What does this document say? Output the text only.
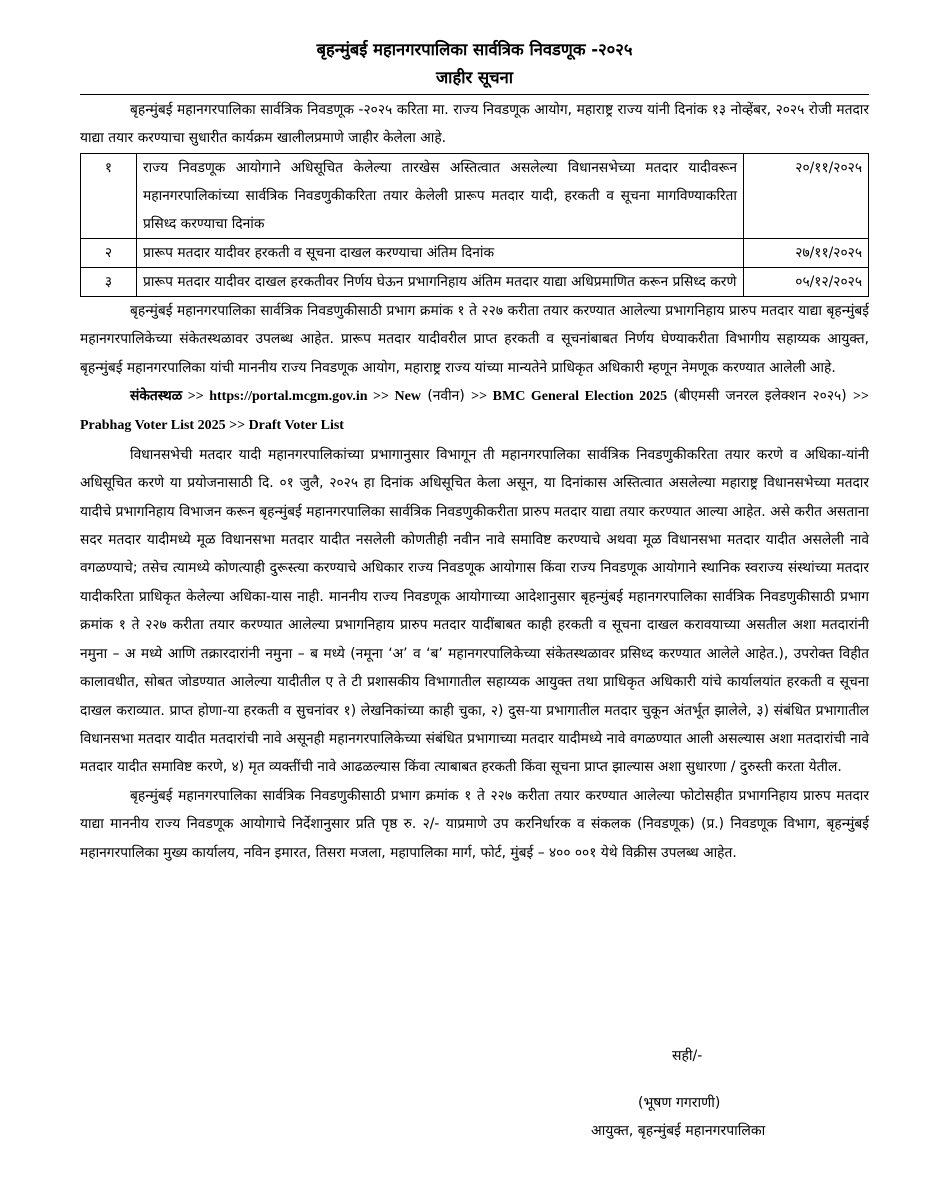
बृहन्मुंबई महानगरपालिका सार्वत्रिक निवडणूक -२०२५
जाहीर सूचना

बृहन्मुंबई महानगरपालिका सार्वत्रिक निवडणूक -२०२५ करिता मा. राज्य निवडणूक आयोग, महाराष्ट्र राज्य यांनी दिनांक १३ नोव्हेंबर, २०२५ रोजी मतदार याद्या तयार करण्याचा सुधारीत कार्यक्रम खालीलप्रमाणे जाहीर केलेला आहे.

१	राज्य निवडणूक आयोगाने अधिसूचित केलेल्या तारखेस अस्तित्वात असलेल्या विधानसभेच्या मतदार यादीवरून महानगरपालिकांच्या सार्वत्रिक निवडणुकीकरिता तयार केलेली प्रारूप मतदार यादी, हरकती व सूचना मागविण्याकरिता प्रसिध्द करण्याचा दिनांक	२०/११/२०२५
२	प्रारूप मतदार यादीवर हरकती व सूचना दाखल करण्याचा अंतिम दिनांक	२७/११/२०२५
३	प्रारूप मतदार यादीवर दाखल हरकतीवर निर्णय घेऊन प्रभागनिहाय अंतिम मतदार याद्या अधिप्रमाणित करून प्रसिध्द करणे	०५/१२/२०२५

बृहन्मुंबई महानगरपालिका सार्वत्रिक निवडणुकीसाठी प्रभाग क्रमांक १ ते २२७ करीता तयार करण्यात आलेल्या प्रभागनिहाय प्रारुप मतदार याद्या बृहन्मुंबई महानगरपालिकेच्या संकेतस्थळावर उपलब्ध आहेत. प्रारूप मतदार यादीवरील प्राप्त हरकती व सूचनांबाबत निर्णय घेण्याकरीता विभागीय सहाय्यक आयुक्त, बृहन्मुंबई महानगरपालिका यांची माननीय राज्य निवडणूक आयोग, महाराष्ट्र राज्य यांच्या मान्यतेने प्राधिकृत अधिकारी म्हणून नेमणूक करण्यात आलेली आहे.

संकेतस्थळ >> https://portal.mcgm.gov.in >> New (नवीन) >> BMC General Election 2025 (बीएमसी जनरल इलेक्शन २०२५) >> Prabhag Voter List 2025 >> Draft Voter List

विधानसभेची मतदार यादी महानगरपालिकांच्या प्रभागानुसार विभागून ती महानगरपालिका सार्वत्रिक निवडणुकीकरिता तयार करणे व अधिका-यांनी अधिसूचित करणे या प्रयोजनासाठी दि. ०१ जुलै, २०२५ हा दिनांक अधिसूचित केला असून, या दिनांकास अस्तित्वात असलेल्या महाराष्ट्र विधानसभेच्या मतदार यादीचे प्रभागनिहाय विभाजन करून बृहन्मुंबई महानगरपालिका सार्वत्रिक निवडणुकीकरीता प्रारुप मतदार याद्या तयार करण्यात आल्या आहेत. असे करीत असताना सदर मतदार यादीमध्ये मूळ विधानसभा मतदार यादीत नसलेली कोणतीही नवीन नावे समाविष्ट करण्याचे अथवा मूळ विधानसभा मतदार यादीत असलेली नावे वगळण्याचे; तसेच त्यामध्ये कोणत्याही दुरूस्त्या करण्याचे अधिकार राज्य निवडणूक आयोगास किंवा राज्य निवडणूक आयोगाने स्थानिक स्वराज्य संस्थांच्या मतदार यादीकरिता प्राधिकृत केलेल्या अधिका-यास नाही. माननीय राज्य निवडणूक आयोगाच्या आदेशानुसार बृहन्मुंबई महानगरपालिका सार्वत्रिक निवडणुकीसाठी प्रभाग क्रमांक १ ते २२७ करीता तयार करण्यात आलेल्या प्रभागनिहाय प्रारुप मतदार यादींबाबत काही हरकती व सूचना दाखल करावयाच्या असतील अशा मतदारांनी नमुना – अ मध्ये आणि तक्रारदारांनी नमुना – ब मध्ये (नमूना ‘अ’ व ‘ब’ महानगरपालिकेच्या संकेतस्थळावर प्रसिध्द करण्यात आलेले आहेत.), उपरोक्त विहीत कालावधीत, सोबत जोडण्यात आलेल्या यादीतील ए ते टी प्रशासकीय विभागातील सहाय्यक आयुक्त तथा प्राधिकृत अधिकारी यांचे कार्यालयांत हरकती व सूचना दाखल कराव्यात. प्राप्त होणा-या हरकती व सुचनांवर १) लेखनिकांच्या काही चुका, २) दुस-या प्रभागातील मतदार चुकून अंतर्भूत झालेले, ३) संबंधित प्रभागातील विधानसभा मतदार यादीत मतदारांची नावे असूनही महानगरपालिकेच्या संबंधित प्रभागाच्या मतदार यादीमध्ये नावे वगळण्यात आली असल्यास अशा मतदारांची नावे मतदार यादीत समाविष्ट करणे, ४) मृत व्यक्तींची नावे आढळल्यास किंवा त्याबाबत हरकती किंवा सूचना प्राप्त झाल्यास अशा सुधारणा / दुरुस्ती करता येतील.

बृहन्मुंबई महानगरपालिका सार्वत्रिक निवडणुकीसाठी प्रभाग क्रमांक १ ते २२७ करीता तयार करण्यात आलेल्या फोटोसहीत प्रभागनिहाय प्रारुप मतदार याद्या माननीय राज्य निवडणूक आयोगाचे निर्देशानुसार प्रति पृष्ठ रु. २/- याप्रमाणे उप करनिर्धारक व संकलक (निवडणूक) (प्र.) निवडणूक विभाग, बृहन्मुंबई महानगरपालिका मुख्य कार्यालय, नविन इमारत, तिसरा मजला, महापालिका मार्ग, फोर्ट, मुंबई – ४०० ००१ येथे विक्रीस उपलब्ध आहेत.

सही/-
(भूषण गगराणी)
आयुक्त, बृहन्मुंबई महानगरपालिका
